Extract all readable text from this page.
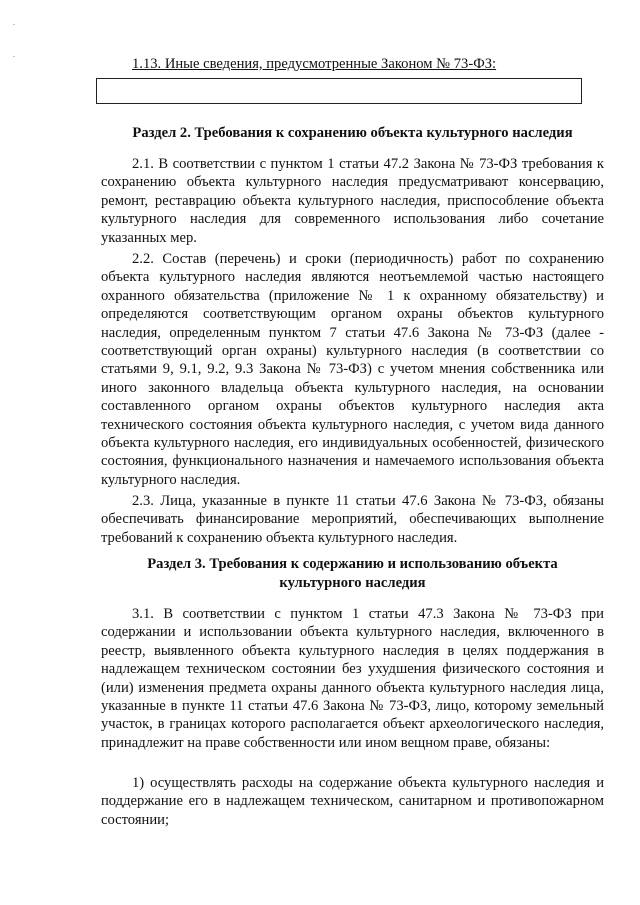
·
·	1.13. Иные сведения, предусмотренные Законом № 73-ФЗ:

Раздел 2. Требования к сохранению объекта культурного наследия

2.1. В соответствии с пунктом 1 статьи 47.2 Закона № 73-ФЗ требования к сохранению объекта культурного наследия предусматривают консервацию, ремонт, реставрацию объекта культурного наследия, приспособление объекта культурного наследия для современного использования либо сочетание указанных мер.

2.2. Состав (перечень) и сроки (периодичность) работ по сохранению объекта культурного наследия являются неотъемлемой частью настоящего охранного обязательства (приложение № 1 к охранному обязательству) и определяются соответствующим органом охраны объектов культурного наследия, определенным пунктом 7 статьи 47.6 Закона № 73-ФЗ (далее - соответствующий орган охраны) культурного наследия (в соответствии со статьями 9, 9.1, 9.2, 9.3 Закона № 73-ФЗ) с учетом мнения собственника или иного законного владельца объекта культурного наследия, на основании составленного органом охраны объектов культурного наследия акта технического состояния объекта культурного наследия, с учетом вида данного объекта культурного наследия, его индивидуальных особенностей, физического состояния, функционального назначения и намечаемого использования объекта культурного наследия.

2.3. Лица, указанные в пункте 11 статьи 47.6 Закона № 73-ФЗ, обязаны обеспечивать финансирование мероприятий, обеспечивающих выполнение требований к сохранению объекта культурного наследия.

Раздел 3. Требования к содержанию и использованию объекта
культурного наследия

3.1. В соответствии с пунктом 1 статьи 47.3 Закона № 73-ФЗ при содержании и использовании объекта культурного наследия, включенного в реестр, выявленного объекта культурного наследия в целях поддержания в надлежащем техническом состоянии без ухудшения физического состояния и (или) изменения предмета охраны данного объекта культурного наследия лица, указанные в пункте 11 статьи 47.6 Закона № 73-ФЗ, лицо, которому земельный участок, в границах которого располагается объект археологического наследия, принадлежит на праве собственности или ином вещном праве, обязаны:

1) осуществлять расходы на содержание объекта культурного наследия и поддержание его в надлежащем техническом, санитарном и противопожарном состоянии;
